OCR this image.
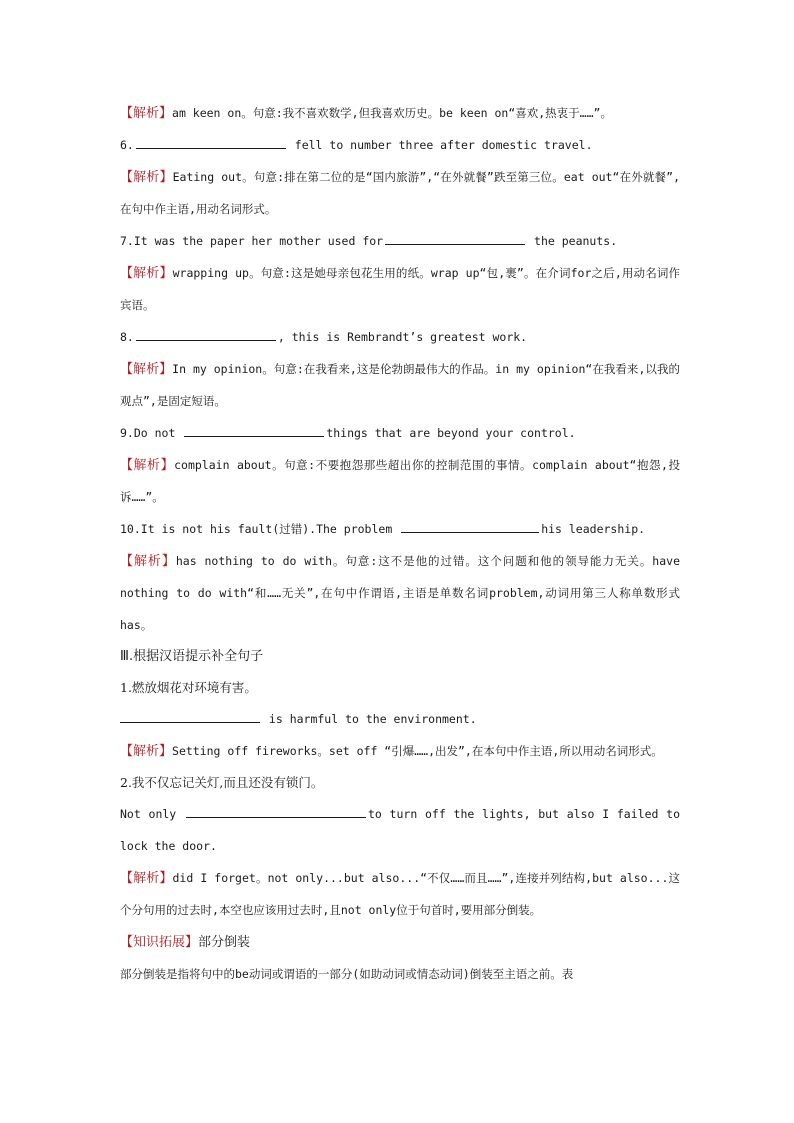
【解析】am keen on。句意:我不喜欢数学,但我喜欢历史。be keen on“喜欢,热衷于……”。

6.	fell to number three after domestic travel.

【解析】Eating out。句意:排在第二位的是“国内旅游”,“在外就餐”跌至第三位。eat out“在外就餐”,在句中作主语,用动名词形式。

7.It was the paper her mother used for	the peanuts.

【解析】wrapping up。句意:这是她母亲包花生用的纸。wrap up“包,裹”。在介词for之后,用动名词作宾语。

8.	, this is Rembrandt’s greatest work.

【解析】In my opinion。句意:在我看来,这是伦勃朗最伟大的作品。in my opinion“在我看来,以我的观点”,是固定短语。

9.Do not	things that are beyond your control.

【解析】complain about。句意:不要抱怨那些超出你的控制范围的事情。complain about“抱怨,投诉……”。

10.It is not his fault(过错).The problem	his leadership.

【解析】has nothing to do with。句意:这不是他的过错。这个问题和他的领导能力无关。have nothing to do with“和……无关”,在句中作谓语,主语是单数名词problem,动词用第三人称单数形式has。

Ⅲ.根据汉语提示补全句子

1.燃放烟花对环境有害。

is harmful to the environment.

【解析】Setting off fireworks。set off “引爆……,出发”,在本句中作主语,所以用动名词形式。

2.我不仅忘记关灯,而且还没有锁门。

Not only	to turn off the lights, but also I failed to lock the door.

【解析】did I forget。not only...but also...“不仅……而且……”,连接并列结构,but also...这个分句用的过去时,本空也应该用过去时,且not only位于句首时,要用部分倒装。

【知识拓展】部分倒装

部分倒装是指将句中的be动词或谓语的一部分(如助动词或情态动词)倒装至主语之前。表
